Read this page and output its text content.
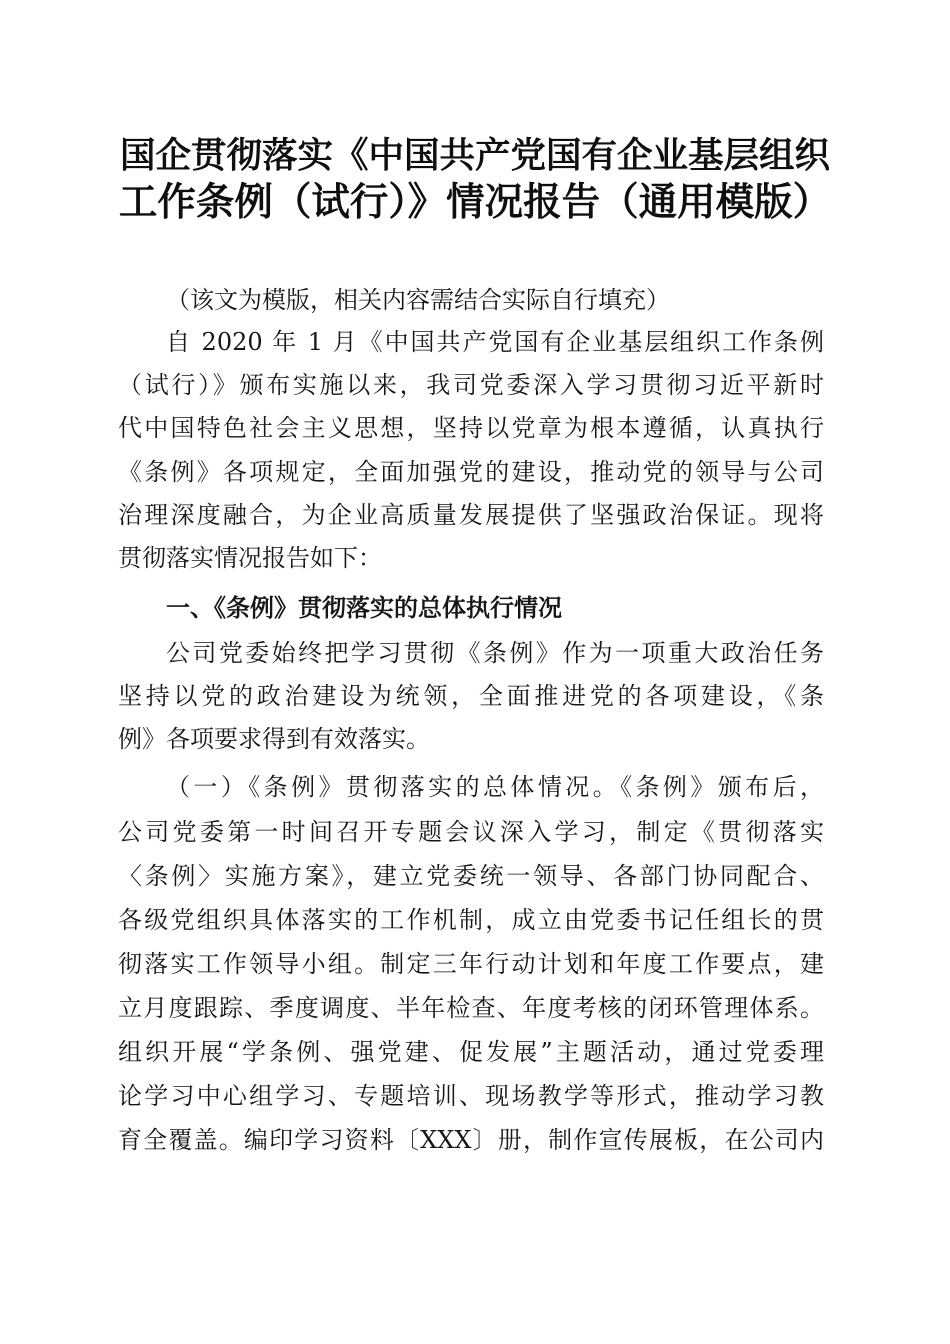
国企贯彻落实《中国共产党国有企业基层组织
工作条例（试行）》情况报告（通用模版）
（该文为模版，相关内容需结合实际自行填充）
自 2020 年 1 月《中国共产党国有企业基层组织工作条例
（试行）》颁布实施以来，我司党委深入学习贯彻习近平新时
代中国特色社会主义思想，坚持以党章为根本遵循，认真执行
《条例》各项规定，全面加强党的建设，推动党的领导与公司
治理深度融合，为企业高质量发展提供了坚强政治保证。现将
贯彻落实情况报告如下：
一、《条例》贯彻落实的总体执行情况
公司党委始终把学习贯彻《条例》作为一项重大政治任务
坚持以党的政治建设为统领，全面推进党的各项建设，《条
例》各项要求得到有效落实。
（一）《条例》贯彻落实的总体情况。《条例》颁布后，
公司党委第一时间召开专题会议深入学习，制定《贯彻落实
〈条例〉实施方案》，建立党委统一领导、各部门协同配合、
各级党组织具体落实的工作机制，成立由党委书记任组长的贯
彻落实工作领导小组。制定三年行动计划和年度工作要点，建
立月度跟踪、季度调度、半年检查、年度考核的闭环管理体系。
组织开展“学条例、强党建、促发展”主题活动，通过党委理
论学习中心组学习、专题培训、现场教学等形式，推动学习教
育全覆盖。编印学习资料〔XXX〕册，制作宣传展板，在公司内
